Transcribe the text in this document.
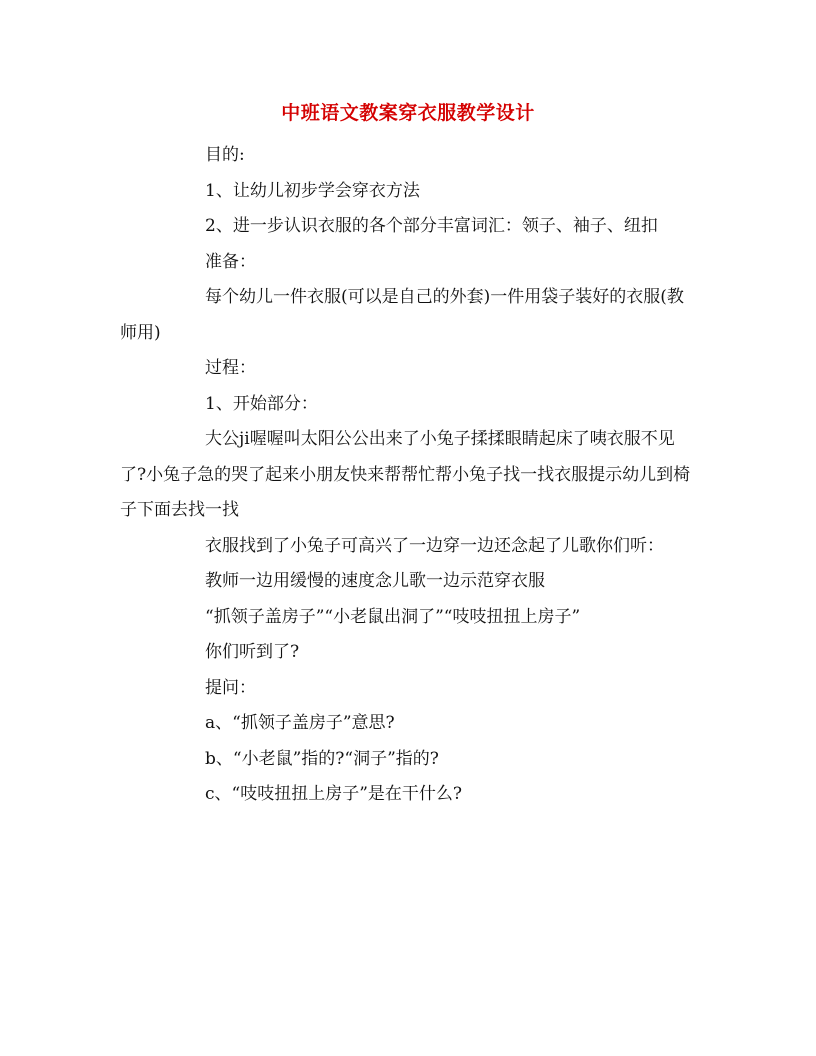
中班语文教案穿衣服教学设计

目的:

1、让幼儿初步学会穿衣方法

2、进一步认识衣服的各个部分丰富词汇：领子、袖子、纽扣

准备：

每个幼儿一件衣服(可以是自己的外套)一件用袋子装好的衣服(教师用)

过程：

1、开始部分：

大公ji喔喔叫太阳公公出来了小兔子揉揉眼睛起床了咦衣服不见了?小兔子急的哭了起来小朋友快来帮帮忙帮小兔子找一找衣服提示幼儿到椅子下面去找一找

衣服找到了小兔子可高兴了一边穿一边还念起了儿歌你们听：

教师一边用缓慢的速度念儿歌一边示范穿衣服

“抓领子盖房子”“小老鼠出洞了”“吱吱扭扭上房子”

你们听到了?

提问：

a、“抓领子盖房子”意思?

b、“小老鼠”指的?“洞子”指的?

c、“吱吱扭扭上房子”是在干什么?
